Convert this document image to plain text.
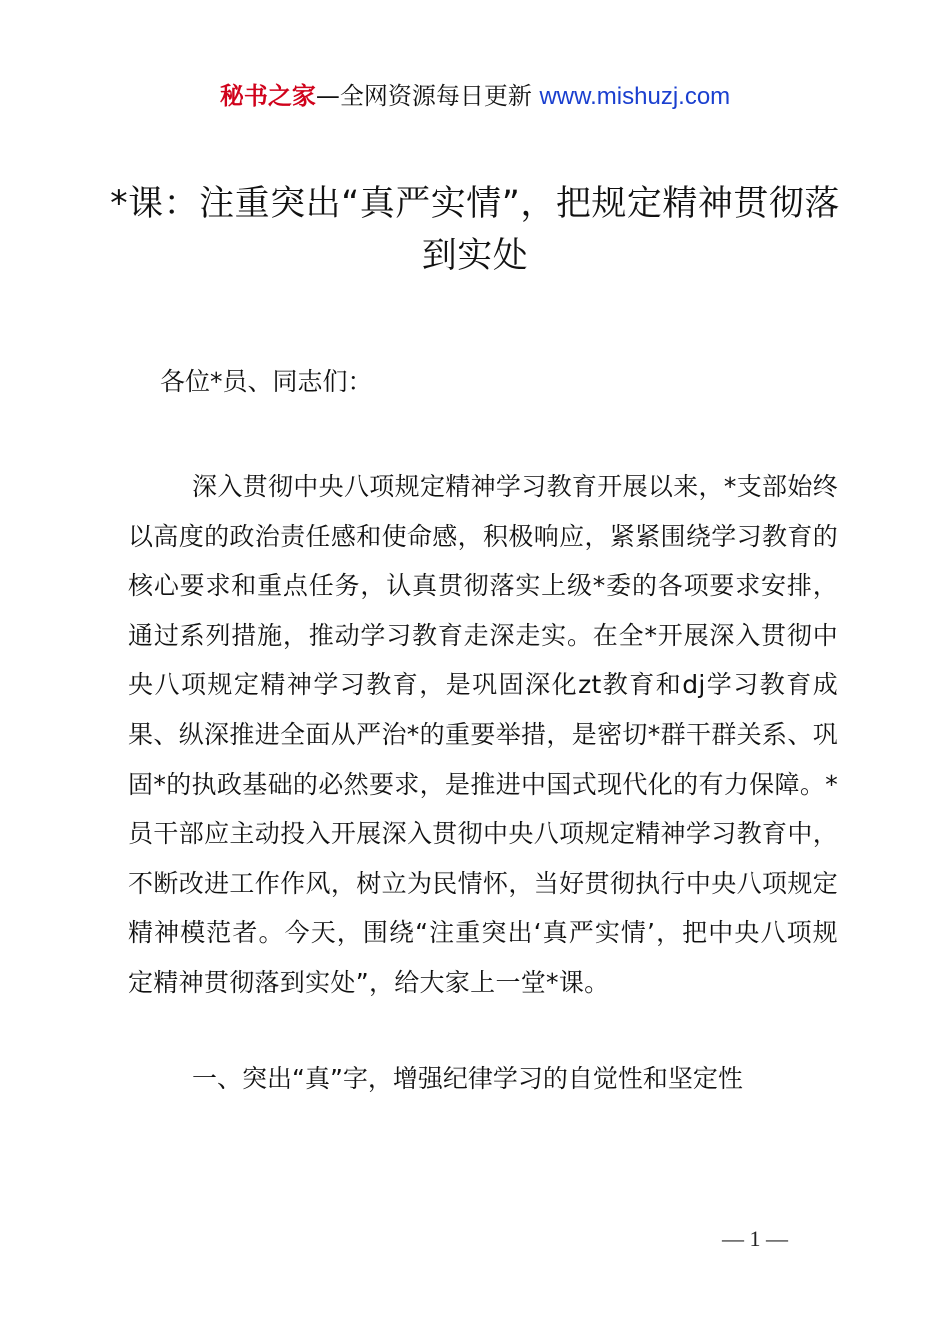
秘书之家—全网资源每日更新 www.mishuzj.com
*课：注重突出“真严实情”，把规定精神贯彻落到实处
各位*员、同志们：
深入贯彻中央八项规定精神学习教育开展以来，*支部始终以高度的政治责任感和使命感，积极响应，紧紧围绕学习教育的核心要求和重点任务，认真贯彻落实上级*委的各项要求安排，通过系列措施，推动学习教育走深走实。在全*开展深入贯彻中央八项规定精神学习教育，是巩固深化zt教育和dj学习教育成果、纵深推进全面从严治*的重要举措，是密切*群干群关系、巩固*的执政基础的必然要求，是推进中国式现代化的有力保障。*员干部应主动投入开展深入贯彻中央八项规定精神学习教育中，不断改进工作作风，树立为民情怀，当好贯彻执行中央八项规定精神模范者。今天，围绕“注重突出‘真严实情’，把中央八项规定精神贯彻落到实处”，给大家上一堂*课。
一、突出“真”字，增强纪律学习的自觉性和坚定性
— 1 —
